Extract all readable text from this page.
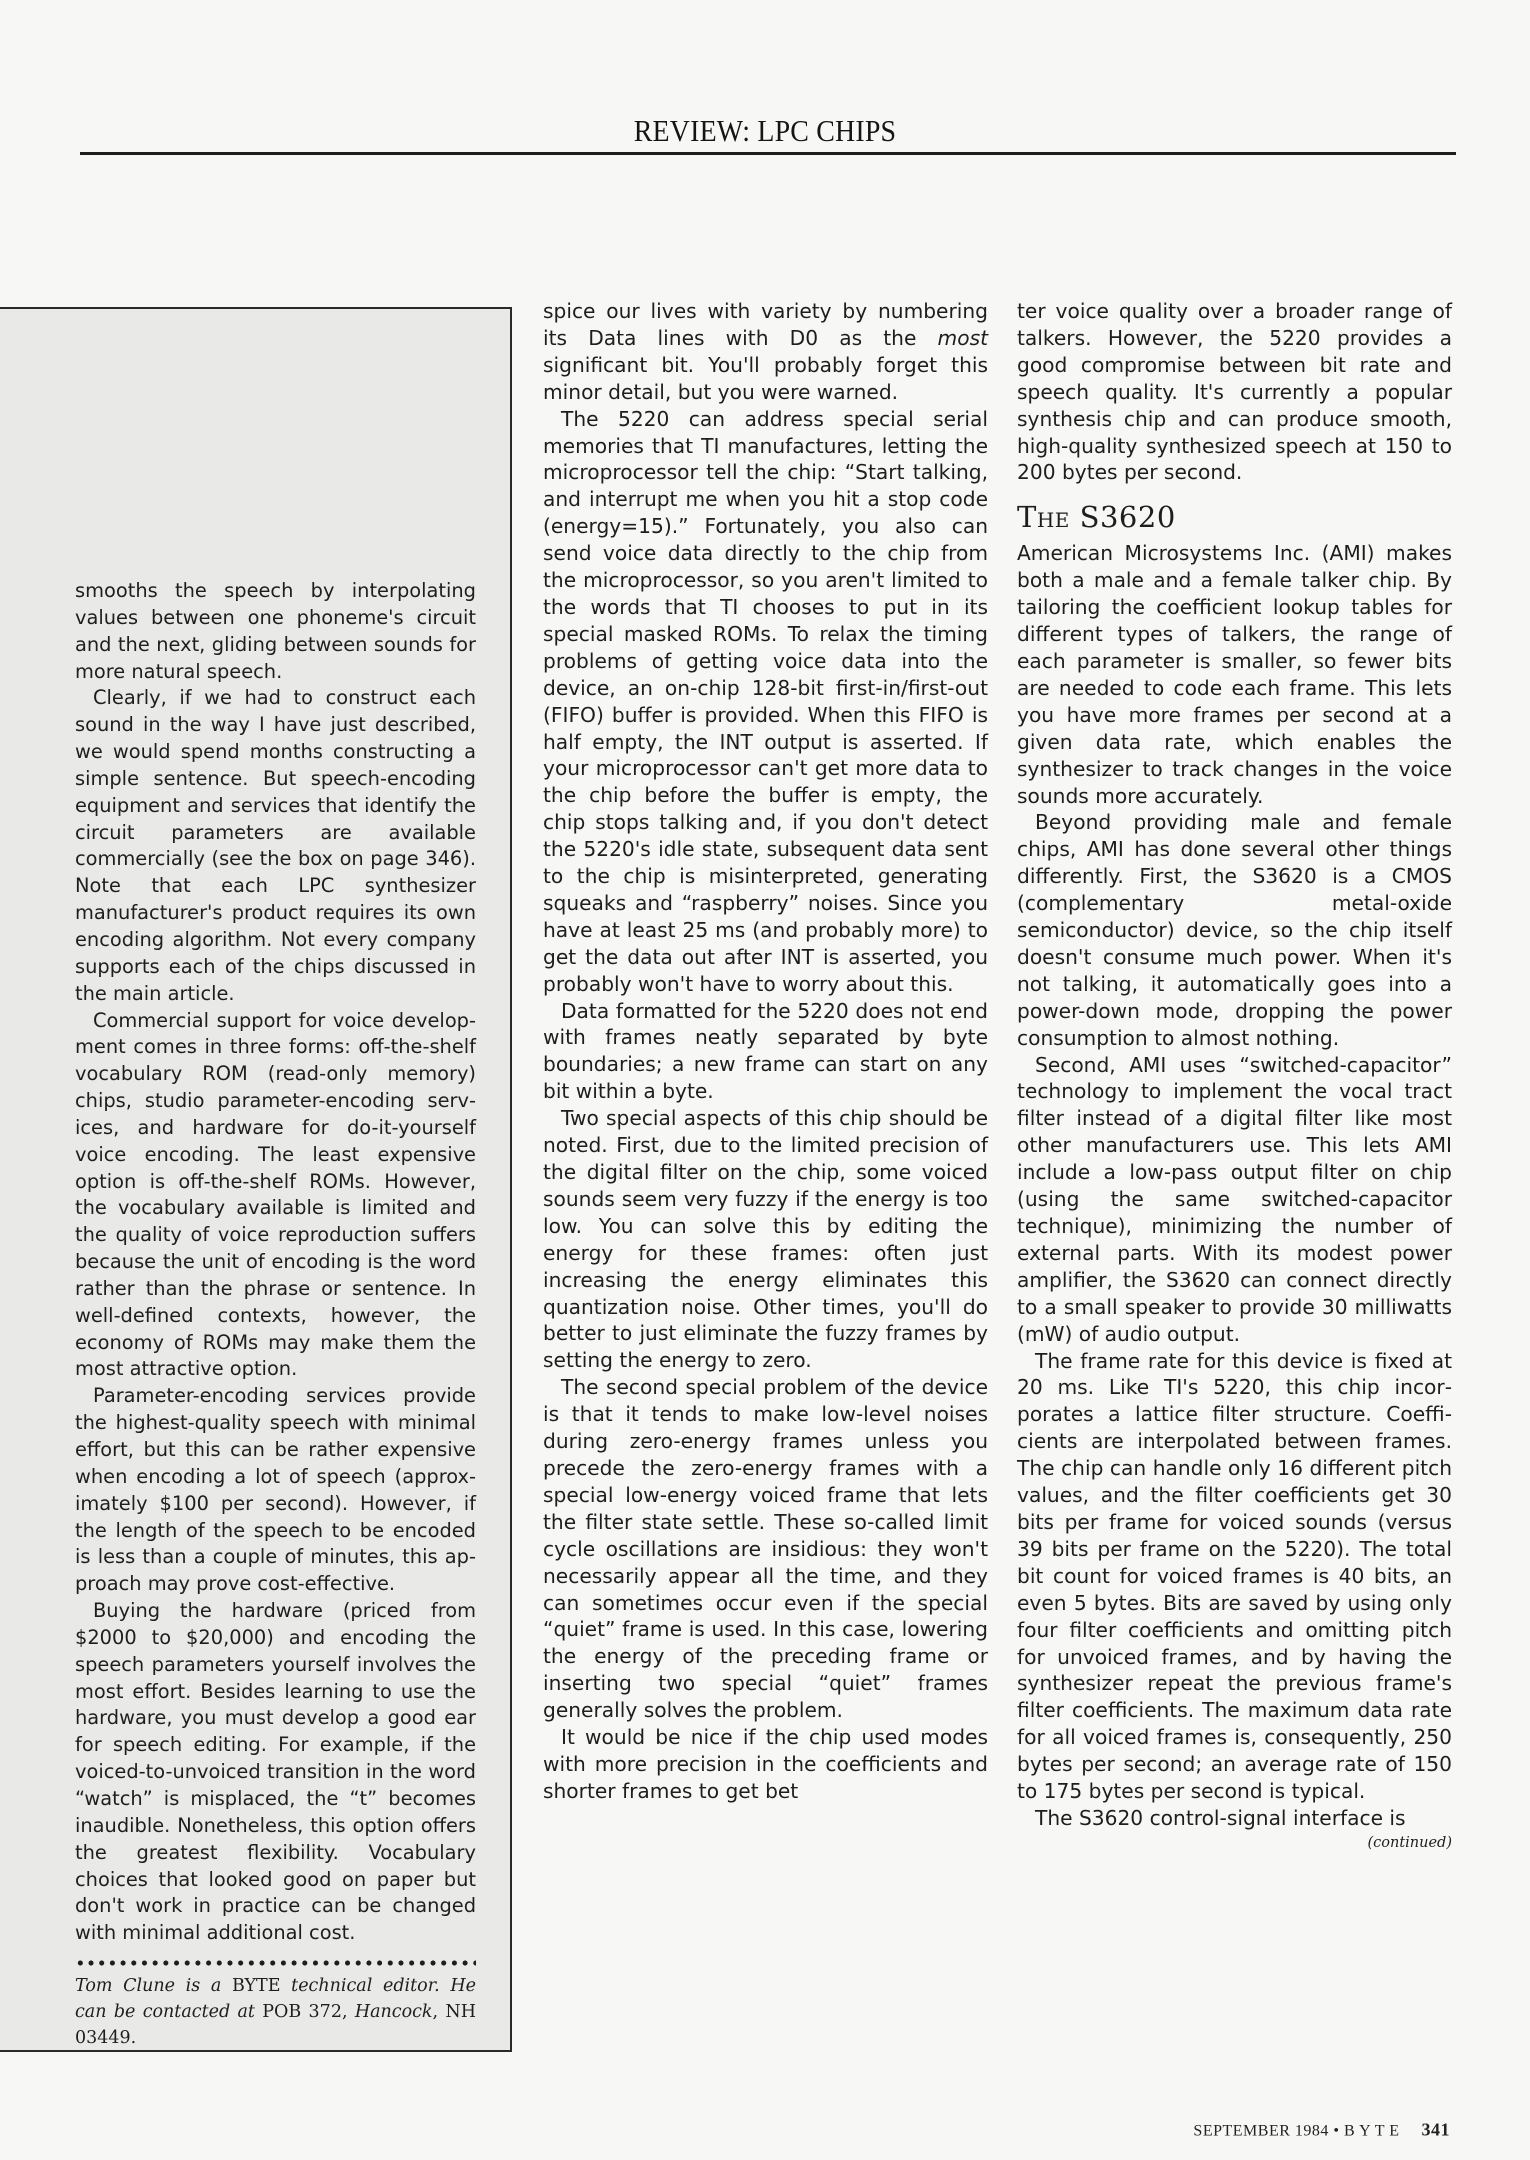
REVIEW: LPC CHIPS

smooths the speech by interpolating values between one phoneme's circuit and the next, gliding between sounds for more natural speech.

Clearly, if we had to construct each sound in the way I have just described, we would spend months constructing a simple sentence. But speech-encoding equipment and services that identify the circuit parameters are available commercially (see the box on page 346). Note that each LPC synthesizer manufacturer's product requires its own encoding algorithm. Not every company supports each of the chips discussed in the main article.

Commercial support for voice development comes in three forms: off-the-shelf vocabulary ROM (read-only memory) chips, studio parameter-encoding services, and hardware for do-it-yourself voice encoding. The least expensive option is off-the-shelf ROMs. However, the vocabulary available is limited and the quality of voice reproduction suffers because the unit of encoding is the word rather than the phrase or sentence. In well-defined contexts, however, the economy of ROMs may make them the most attractive option.

Parameter-encoding services provide the highest-quality speech with minimal effort, but this can be rather expensive when encoding a lot of speech (approximately $100 per second). However, if the length of the speech to be encoded is less than a couple of minutes, this approach may prove cost-effective.

Buying the hardware (priced from $2000 to $20,000) and encoding the speech parameters yourself involves the most effort. Besides learning to use the hardware, you must develop a good ear for speech editing. For example, if the voiced-to-unvoiced transition in the word “watch” is misplaced, the “t” becomes inaudible. Nonetheless, this option offers the greatest flexibility. Vocabulary choices that looked good on paper but don't work in practice can be changed with minimal additional cost.

Tom Clune is a BYTE technical editor. He can be contacted at POB 372, Hancock, NH 03449.

spice our lives with variety by numbering its Data lines with D0 as the most significant bit. You'll probably forget this minor detail, but you were warned.

The 5220 can address special serial memories that TI manufactures, letting the microprocessor tell the chip: “Start talking, and interrupt me when you hit a stop code (energy=15).” Fortunately, you also can send voice data directly to the chip from the microprocessor, so you aren't limited to the words that TI chooses to put in its special masked ROMs. To relax the timing problems of getting voice data into the device, an on-chip 128-bit first-in/first-out (FIFO) buffer is provided. When this FIFO is half empty, the INT output is asserted. If your microprocessor can't get more data to the chip before the buffer is empty, the chip stops talking and, if you don't detect the 5220's idle state, subsequent data sent to the chip is misinterpreted, generating squeaks and “raspberry” noises. Since you have at least 25 ms (and probably more) to get the data out after INT is asserted, you probably won't have to worry about this.

Data formatted for the 5220 does not end with frames neatly separated by byte boundaries; a new frame can start on any bit within a byte.

Two special aspects of this chip should be noted. First, due to the limited precision of the digital filter on the chip, some voiced sounds seem very fuzzy if the energy is too low. You can solve this by editing the energy for these frames: often just increasing the energy eliminates this quantization noise. Other times, you'll do better to just eliminate the fuzzy frames by setting the energy to zero.

The second special problem of the device is that it tends to make low-level noises during zero-energy frames unless you precede the zero-energy frames with a special low-energy voiced frame that lets the filter state settle. These so-called limit cycle oscillations are insidious: they won't necessarily appear all the time, and they can sometimes occur even if the special “quiet” frame is used. In this case, lowering the energy of the preceding frame or inserting two special “quiet” frames generally solves the problem.

It would be nice if the chip used modes with more precision in the coefficients and shorter frames to get bet

ter voice quality over a broader range of talkers. However, the 5220 provides a good compromise between bit rate and speech quality. It's currently a popular synthesis chip and can produce smooth, high-quality synthesized speech at 150 to 200 bytes per second.

The S3620

American Microsystems Inc. (AMI) makes both a male and a female talker chip. By tailoring the coefficient lookup tables for different types of talkers, the range of each parameter is smaller, so fewer bits are needed to code each frame. This lets you have more frames per second at a given data rate, which enables the synthesizer to track changes in the voice sounds more accurately.

Beyond providing male and female chips, AMI has done several other things differently. First, the S3620 is a CMOS (complementary metal-oxide semiconductor) device, so the chip itself doesn't consume much power. When it's not talking, it automatically goes into a power-down mode, dropping the power consumption to almost nothing.

Second, AMI uses “switched-capacitor” technology to implement the vocal tract filter instead of a digital filter like most other manufacturers use. This lets AMI include a low-pass output filter on chip (using the same switched-capacitor technique), minimizing the number of external parts. With its modest power amplifier, the S3620 can connect directly to a small speaker to provide 30 milliwatts (mW) of audio output.

The frame rate for this device is fixed at 20 ms. Like TI's 5220, this chip incorporates a lattice filter structure. Coefficients are interpolated between frames. The chip can handle only 16 different pitch values, and the filter coefficients get 30 bits per frame for voiced sounds (versus 39 bits per frame on the 5220). The total bit count for voiced frames is 40 bits, an even 5 bytes. Bits are saved by using only four filter coefficients and omitting pitch for unvoiced frames, and by having the synthesizer repeat the previous frame's filter coefficients. The maximum data rate for all voiced frames is, consequently, 250 bytes per second; an average rate of 150 to 175 bytes per second is typical.

The S3620 control-signal interface is

(continued)
SEPTEMBER 1984 • B Y T E 341
